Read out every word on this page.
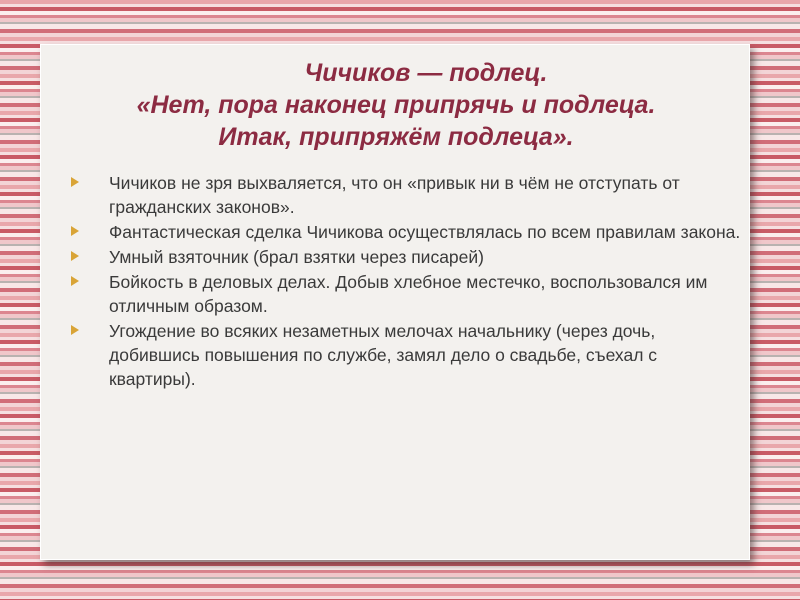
Чичиков — подлец.
«Нет, пора наконец припрячь и подлеца.
Итак, припряжём подлеца».
Чичиков не зря выхваляется, что он «привык ни в чём не отступать от гражданских законов».
Фантастическая сделка Чичикова осуществлялась по всем правилам закона.
Умный взяточник (брал взятки через писарей)
Бойкость в деловых делах. Добыв хлебное местечко, воспользовался им отличным образом.
Угождение во всяких незаметных мелочах начальнику (через дочь, добившись повышения по службе, замял дело о свадьбе, съехал с квартиры).
